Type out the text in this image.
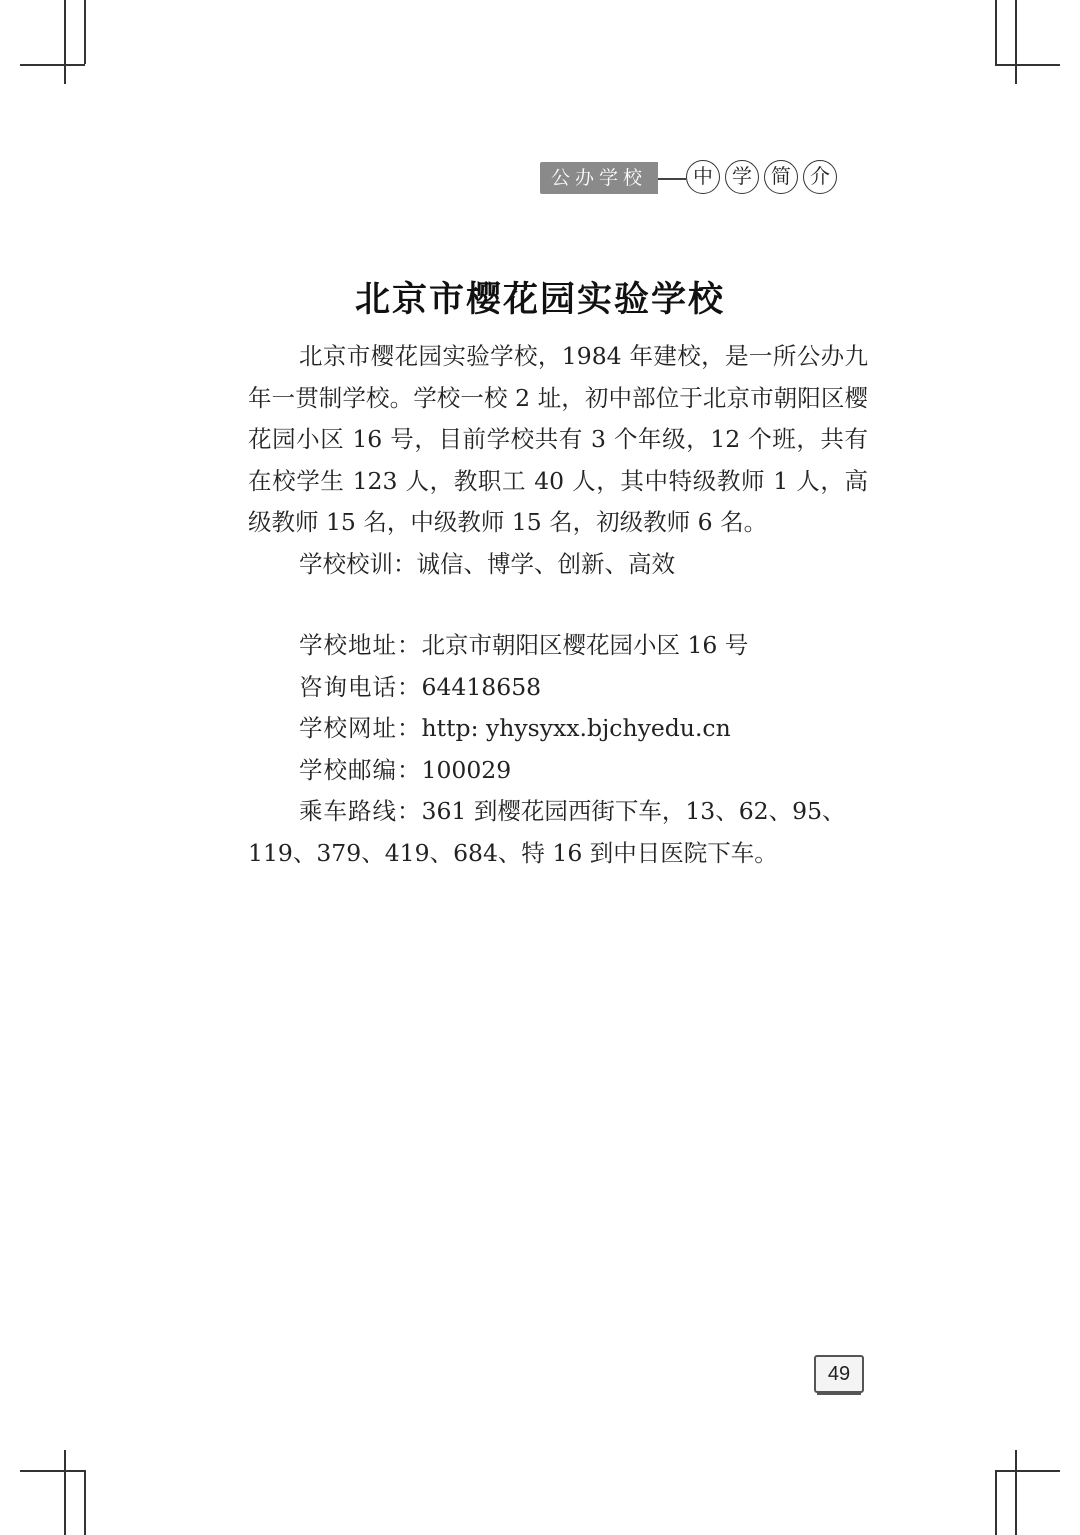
公办学校	中 学 简 介
北京市樱花园实验学校

北京市樱花园实验学校，1984 年建校，是一所公办九年一贯制学校。学校一校 2 址，初中部位于北京市朝阳区樱花园小区 16 号，目前学校共有 3 个年级，12 个班，共有在校学生 123 人，教职工 40 人，其中特级教师 1 人，高级教师 15 名，中级教师 15 名，初级教师 6 名。

学校校训：诚信、博学、创新、高效

学校地址：北京市朝阳区樱花园小区 16 号

咨询电话：64418658

学校网址：http: yhysyxx.bjchyedu.cn

学校邮编：100029

乘车路线：361 到樱花园西街下车，13、62、95、

119、379、419、684、特 16 到中日医院下车。

49
